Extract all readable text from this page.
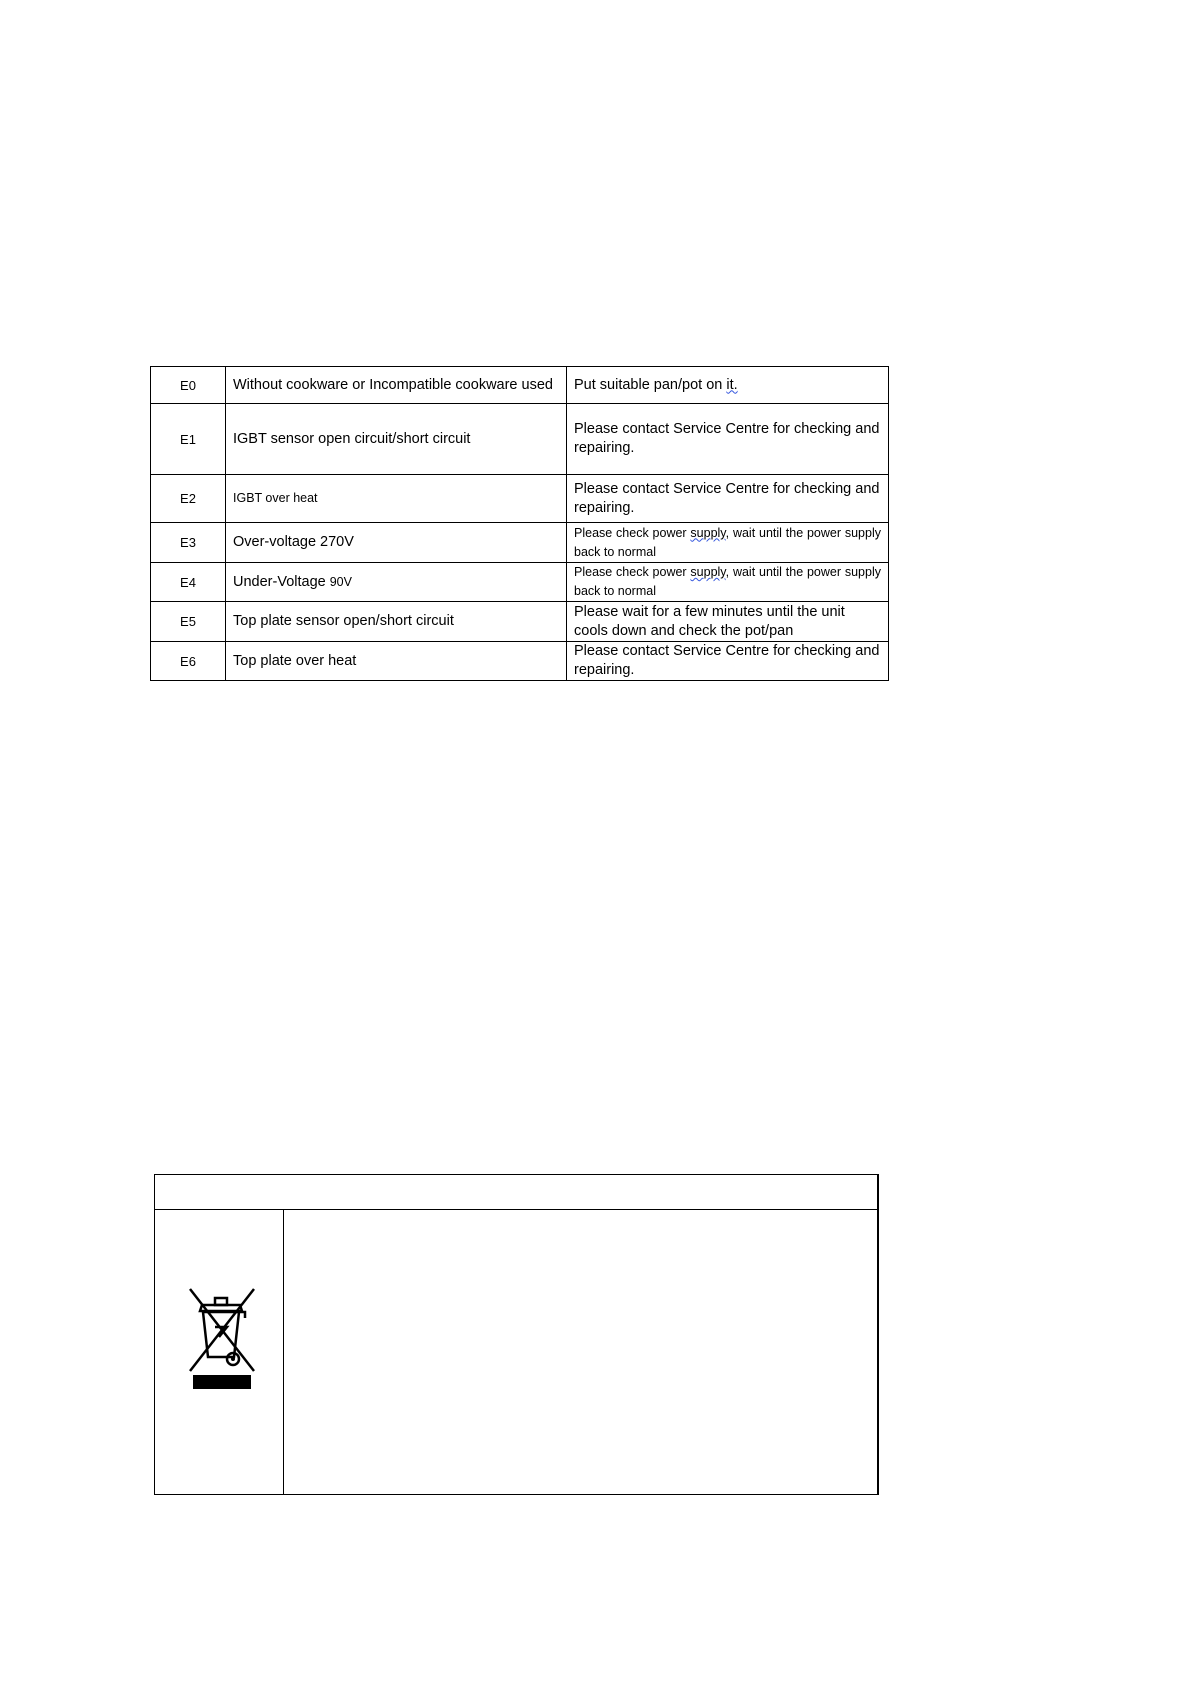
E0	Without cookware or Incompatible cookware used	Put suitable pan/pot on it.
E1	IGBT sensor open circuit/short circuit	Please contact Service Centre for checking and repairing.
E2	IGBT over heat	Please contact Service Centre for checking and repairing.
E3	Over-voltage 270V	Please check power supply, wait until the power supply back to normal
E4	Under-Voltage 90V	Please check power supply, wait until the power supply back to normal
E5	Top plate sensor open/short circuit	Please wait for a few minutes until the unit cools down and check the pot/pan
E6	Top plate over heat	Please contact Service Centre for checking and repairing.
